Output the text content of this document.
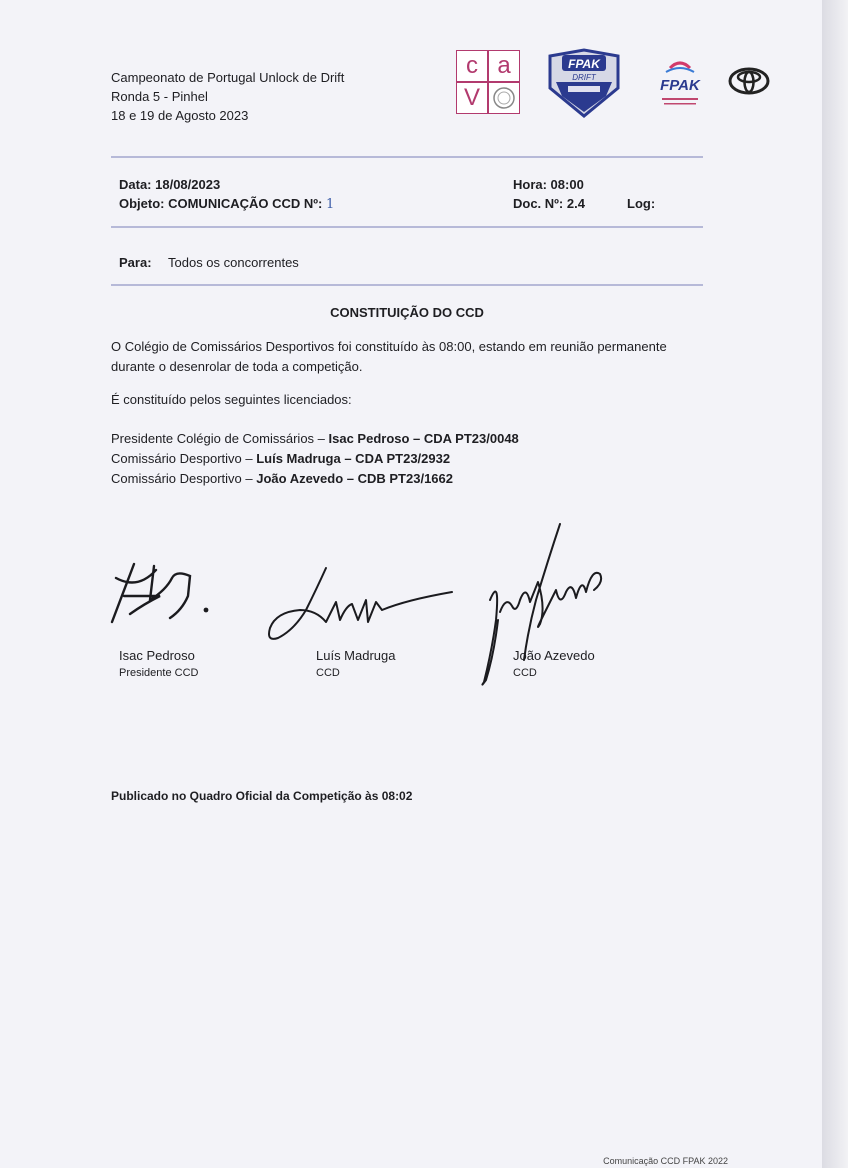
Campeonato de Portugal Unlock de Drift
Ronda 5 - Pinhel
18 e 19 de Agosto 2023
c a
V
FPAK
DRIFT	FPAK
Data: 18/08/2023
Objeto: COMUNICAÇÃO CCD Nº: 1
Hora: 08:00
Doc. Nº: 2.4	Log:
Para: Todos os concorrentes
CONSTITUIÇÃO DO CCD
O Colégio de Comissários Desportivos foi constituído às 08:00, estando em reunião permanente durante o desenrolar de toda a competição.
É constituído pelos seguintes licenciados:
Presidente Colégio de Comissários – Isac Pedroso – CDA PT23/0048
Comissário Desportivo – Luís Madruga – CDA PT23/2932
Comissário Desportivo – João Azevedo – CDB PT23/1662
Isac Pedroso
Presidente CCD
Luís Madruga
CCD
João Azevedo
CCD
Publicado no Quadro Oficial da Competição às 08:02
Comunicação CCD FPAK 2022
